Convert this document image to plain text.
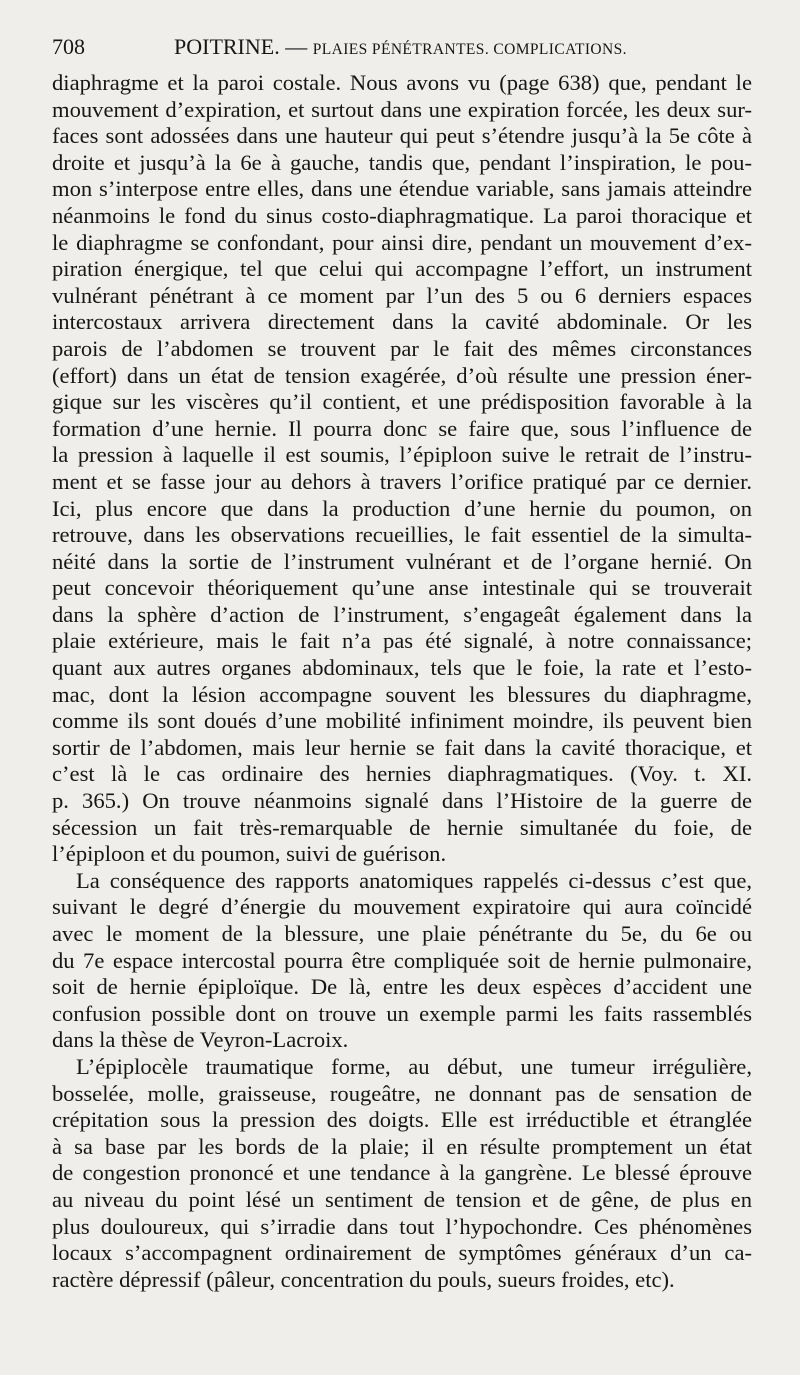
708	POITRINE. — PLAIES PÉNÉTRANTES. COMPLICATIONS.
diaphragme et la paroi costale. Nous avons vu (page 638) que, pendant le
mouvement d’expiration, et surtout dans une expiration forcée, les deux sur-
faces sont adossées dans une hauteur qui peut s’étendre jusqu’à la 5e côte à
droite et jusqu’à la 6e à gauche, tandis que, pendant l’inspiration, le pou-
mon s’interpose entre elles, dans une étendue variable, sans jamais atteindre
néanmoins le fond du sinus costo-diaphragmatique. La paroi thoracique et
le diaphragme se confondant, pour ainsi dire, pendant un mouvement d’ex-
piration énergique, tel que celui qui accompagne l’effort, un instrument
vulnérant pénétrant à ce moment par l’un des 5 ou 6 derniers espaces
intercostaux arrivera directement dans la cavité abdominale. Or les
parois de l’abdomen se trouvent par le fait des mêmes circonstances
(effort) dans un état de tension exagérée, d’où résulte une pression éner-
gique sur les viscères qu’il contient, et une prédisposition favorable à la
formation d’une hernie. Il pourra donc se faire que, sous l’influence de
la pression à laquelle il est soumis, l’épiploon suive le retrait de l’instru-
ment et se fasse jour au dehors à travers l’orifice pratiqué par ce dernier.
Ici, plus encore que dans la production d’une hernie du poumon, on
retrouve, dans les observations recueillies, le fait essentiel de la simulta-
néité dans la sortie de l’instrument vulnérant et de l’organe hernié. On
peut concevoir théoriquement qu’une anse intestinale qui se trouverait
dans la sphère d’action de l’instrument, s’engageât également dans la
plaie extérieure, mais le fait n’a pas été signalé, à notre connaissance;
quant aux autres organes abdominaux, tels que le foie, la rate et l’esto-
mac, dont la lésion accompagne souvent les blessures du diaphragme,
comme ils sont doués d’une mobilité infiniment moindre, ils peuvent bien
sortir de l’abdomen, mais leur hernie se fait dans la cavité thoracique, et
c’est là le cas ordinaire des hernies diaphragmatiques. (Voy. t. XI.
p. 365.) On trouve néanmoins signalé dans l’Histoire de la guerre de
sécession un fait très-remarquable de hernie simultanée du foie, de
l’épiploon et du poumon, suivi de guérison.
La conséquence des rapports anatomiques rappelés ci-dessus c’est que,
suivant le degré d’énergie du mouvement expiratoire qui aura coïncidé
avec le moment de la blessure, une plaie pénétrante du 5e, du 6e ou
du 7e espace intercostal pourra être compliquée soit de hernie pulmonaire,
soit de hernie épiploïque. De là, entre les deux espèces d’accident une
confusion possible dont on trouve un exemple parmi les faits rassemblés
dans la thèse de Veyron-Lacroix.
L’épiplocèle traumatique forme, au début, une tumeur irrégulière,
bosselée, molle, graisseuse, rougeâtre, ne donnant pas de sensation de
crépitation sous la pression des doigts. Elle est irréductible et étranglée
à sa base par les bords de la plaie; il en résulte promptement un état
de congestion prononcé et une tendance à la gangrène. Le blessé éprouve
au niveau du point lésé un sentiment de tension et de gêne, de plus en
plus douloureux, qui s’irradie dans tout l’hypochondre. Ces phénomènes
locaux s’accompagnent ordinairement de symptômes généraux d’un ca-
ractère dépressif (pâleur, concentration du pouls, sueurs froides, etc).
